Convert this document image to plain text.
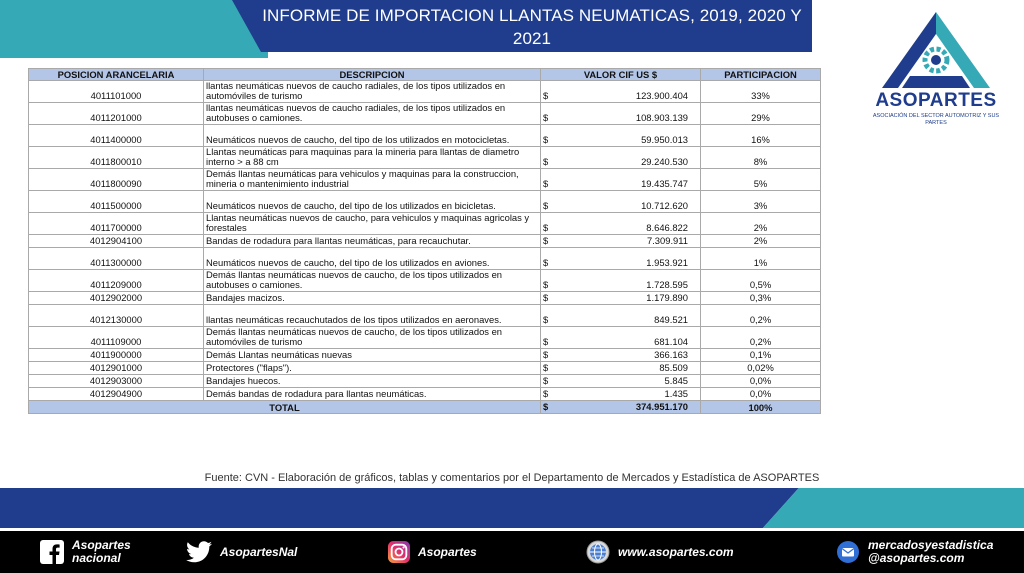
INFORME DE IMPORTACION LLANTAS NEUMATICAS, 2019, 2020 Y 2021
ASOPARTES
ASOCIACIÓN DEL SECTOR AUTOMOTRIZ Y SUS PARTES
POSICION ARANCELARIA	DESCRIPCION	VALOR CIF US $		PARTICIPACION
4011101000	llantas neumáticas nuevos de caucho radiales, de los tipos utilizados en automóviles de turismo	$	123.900.404	33%
4011201000	llantas neumáticas nuevos de caucho radiales, de los tipos utilizados en autobuses o camiones.	$	108.903.139	29%
4011400000	Neumáticos nuevos de caucho, del tipo de los utilizados en motocicletas.	$	59.950.013	16%
4011800010	Llantas neumáticas para maquinas para la mineria para llantas de diametro interno > a 88 cm	$	29.240.530	8%
4011800090	Demás llantas neumáticas para vehiculos y maquinas para la construccion, mineria o mantenimiento industrial	$	19.435.747	5%
4011500000	Neumáticos nuevos de caucho, del tipo de los utilizados en bicicletas.	$	10.712.620	3%
4011700000	Llantas neumáticas nuevos de caucho, para vehiculos y maquinas agricolas y forestales	$	8.646.822	2%
4012904100	Bandas de rodadura para llantas neumáticas, para recauchutar.	$	7.309.911	2%
4011300000	Neumáticos nuevos de caucho, del tipo de los utilizados en aviones.	$	1.953.921	1%
4011209000	Demás llantas neumáticas nuevos de caucho, de los tipos utilizados en autobuses o camiones.	$	1.728.595	0,5%
4012902000	Bandajes macizos.	$	1.179.890	0,3%
4012130000	llantas neumáticas recauchutados de los tipos utilizados en aeronaves.	$	849.521	0,2%
4011109000	Demás llantas neumáticas nuevos de caucho, de los tipos utilizados en automóviles de turismo	$	681.104	0,2%
4011900000	Demás Llantas neumáticas nuevas	$	366.163	0,1%
4012901000	Protectores ("flaps").	$	85.509	0,02%
4012903000	Bandajes huecos.	$	5.845	0,0%
4012904900	Demás bandas de rodadura para llantas neumáticas.	$	1.435	0,0%
TOTAL		$	374.951.170	100%
Fuente: CVN - Elaboración de gráficos, tablas y comentarios por el Departamento de Mercados y Estadística de ASOPARTES
Asopartes
nacional	AsopartesNal	Asopartes	www.asopartes.com	mercadosyestadistica
@asopartes.com
